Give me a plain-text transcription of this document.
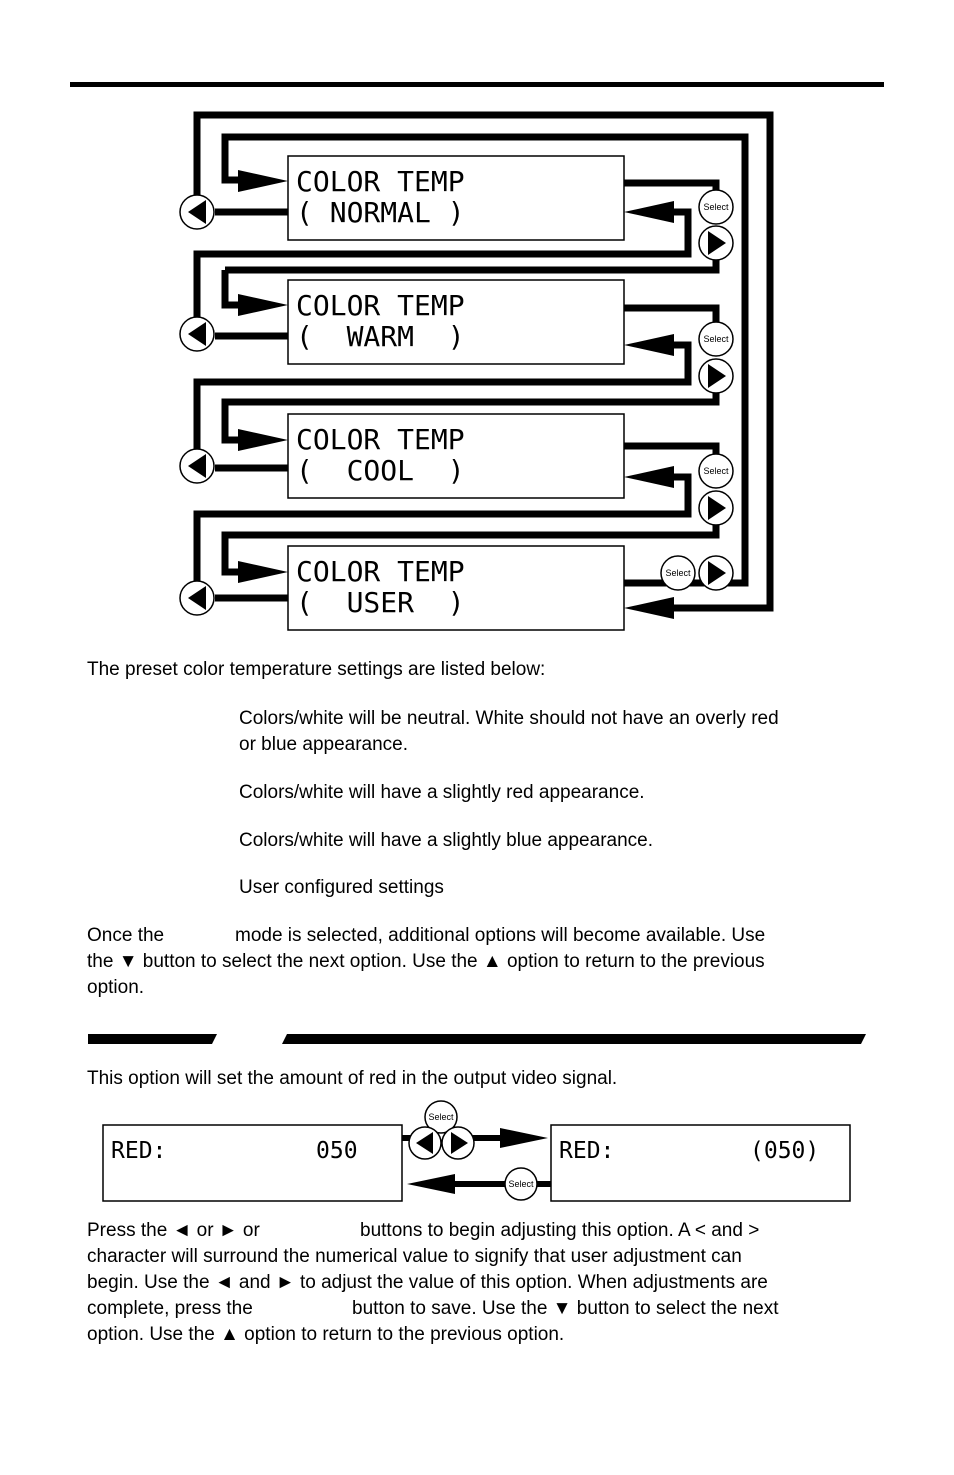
COLOR TEMP
( NORMAL )
COLOR TEMP
(  WARM  )
COLOR TEMP
(  COOL  )
COLOR TEMP
(  USER  )
Select
Select
Select
Select
The preset color temperature settings are listed below:
Colors/white will be neutral. White should not have an overly red
or blue appearance.
Colors/white will have a slightly red appearance.
Colors/white will have a slightly blue appearance.
User configured settings
Once the	mode is selected, additional options will become available. Use
the ▼ button to select the next option. Use the ▲ option to return to the previous
option.
This option will set the amount of red in the output video signal.
RED:	050	RED:	(050)
Select
Select
Press the ◄ or ► or	buttons to begin adjusting this option. A < and >
character will surround the numerical value to signify that user adjustment can
begin. Use the ◄ and ► to adjust the value of this option. When adjustments are
complete, press the	button to save. Use the ▼ button to select the next
option. Use the ▲ option to return to the previous option.
